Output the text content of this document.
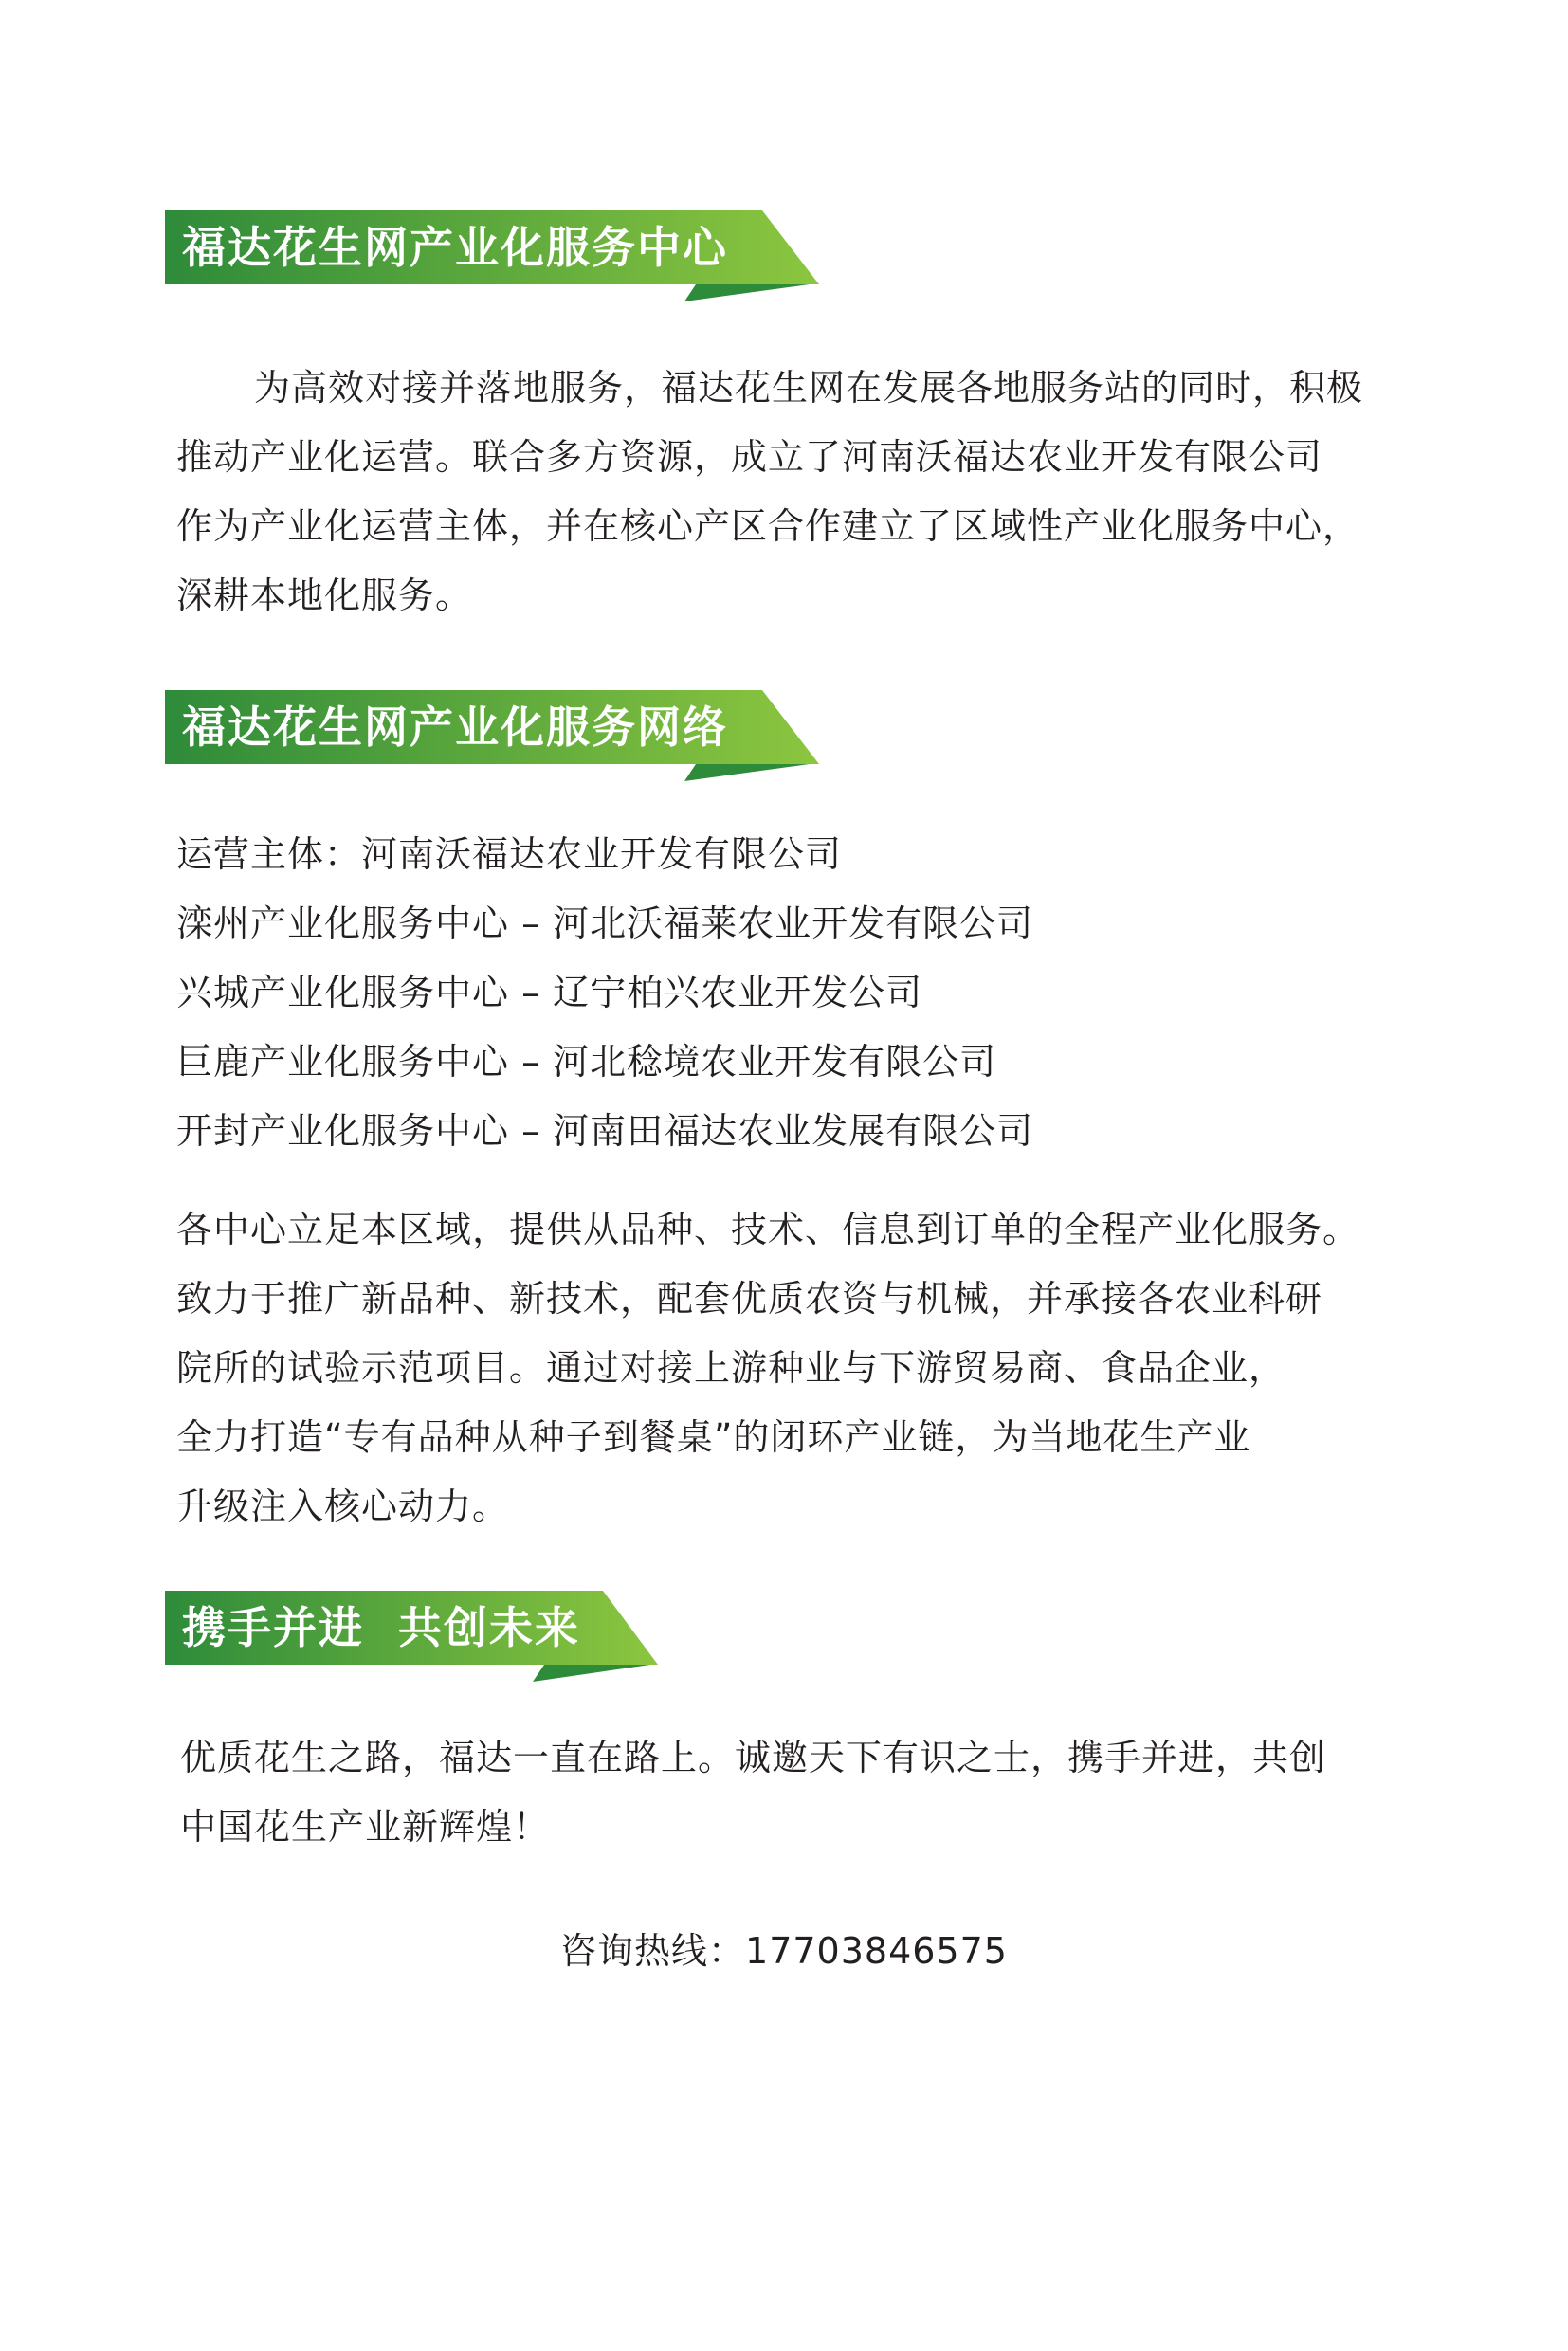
福达花生网产业化服务中心
为高效对接并落地服务，福达花生网在发展各地服务站的同时，积极
推动产业化运营。联合多方资源，成立了河南沃福达农业开发有限公司
作为产业化运营主体，并在核心产区合作建立了区域性产业化服务中心，
深耕本地化服务。
福达花生网产业化服务网络
运营主体：河南沃福达农业开发有限公司
滦州产业化服务中心 – 河北沃福莱农业开发有限公司
兴城产业化服务中心 – 辽宁柏兴农业开发公司
巨鹿产业化服务中心 – 河北稔境农业开发有限公司
开封产业化服务中心 – 河南田福达农业发展有限公司
各中心立足本区域，提供从品种、技术、信息到订单的全程产业化服务。
致力于推广新品种、新技术，配套优质农资与机械，并承接各农业科研
院所的试验示范项目。通过对接上游种业与下游贸易商、食品企业，
全力打造“专有品种从种子到餐桌”的闭环产业链，为当地花生产业
升级注入核心动力。
携手并进  共创未来
优质花生之路，福达一直在路上。诚邀天下有识之士，携手并进，共创
中国花生产业新辉煌！
咨询热线：17703846575
